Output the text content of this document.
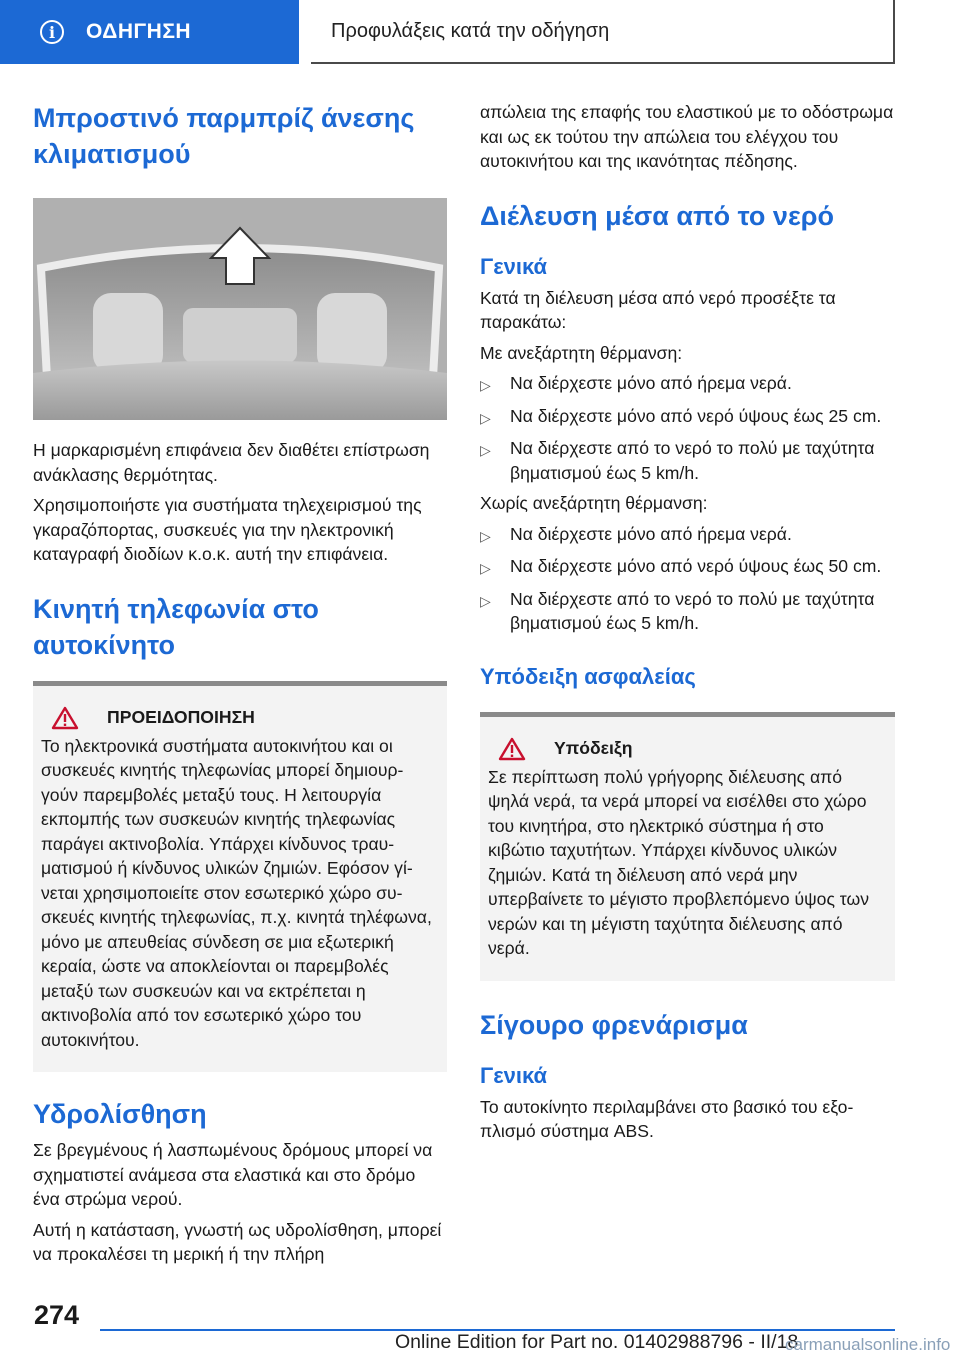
i	ΟΔΗΓΗΣΗ	Προφυλάξεις κατά την οδήγηση
Μπροστινό παρμπρίζ άνεσης κλιματισμού

Η μαρκαρισμένη επιφάνεια δεν διαθέτει επίστρωση ανάκλασης θερμότητας.

Χρησιμοποιήστε για συστήματα τηλεχειρισμού της γκαραζόπορτας, συσκευές για την ηλεκτρονική καταγραφή διοδίων κ.ο.κ. αυτή την επιφάνεια.

Κινητή τηλεφωνία στο αυτοκίνητο
ΠΡΟΕΙΔΟΠΟΙΗΣΗ

Το ηλεκτρονικά συστήματα αυτοκινήτου και οι συσκευές κινητής τηλεφωνίας μπορεί δημιουργούν παρεμβολές μεταξύ τους. Η λειτουργία εκπομπής των συσκευών κινητής τηλεφωνίας παράγει ακτινοβολία. Υπάρχει κίνδυνος τραυματισμού ή κίνδυνος υλικών ζημιών. Εφόσον γίνεται χρησιμοποιείτε στον εσωτερικό χώρο συσκευές κινητής τηλεφωνίας, π.χ. κινητά τηλέφωνα, μόνο με απευθείας σύνδεση σε μια εξωτερική κεραία, ώστε να αποκλείονται οι παρεμβολές μεταξύ των συσκευών και να εκτρέπεται η ακτινοβολία από τον εσωτερικό χώρο του αυτοκινήτου.

Υδρολίσθηση

Σε βρεγμένους ή λασπωμένους δρόμους μπορεί να σχηματιστεί ανάμεσα στα ελαστικά και στο δρόμο ένα στρώμα νερού.

Αυτή η κατάσταση, γνωστή ως υδρολίσθηση, μπορεί να προκαλέσει τη μερική ή την πλήρη

απώλεια της επαφής του ελαστικού με το οδόστρωμα και ως εκ τούτου την απώλεια του ελέγχου του αυτοκινήτου και της ικανότητας πέδησης.

Διέλευση μέσα από το νερό
Γενικά

Κατά τη διέλευση μέσα από νερό προσέξτε τα παρακάτω:

Με ανεξάρτητη θέρμανση:

▷	Να διέρχεστε μόνο από ήρεμα νερά.
▷	Να διέρχεστε μόνο από νερό ύψους έως 25 cm.
▷	Να διέρχεστε από το νερό το πολύ με ταχύτητα βηματισμού έως 5 km/h.

Χωρίς ανεξάρτητη θέρμανση:

▷	Να διέρχεστε μόνο από ήρεμα νερά.
▷	Να διέρχεστε μόνο από νερό ύψους έως 50 cm.
▷	Να διέρχεστε από το νερό το πολύ με ταχύτητα βηματισμού έως 5 km/h.
Υπόδειξη ασφαλείας
Υπόδειξη

Σε περίπτωση πολύ γρήγορης διέλευσης από ψηλά νερά, τα νερά μπορεί να εισέλθει στο χώρο του κινητήρα, στο ηλεκτρικό σύστημα ή στο κιβώτιο ταχυτήτων. Υπάρχει κίνδυνος υλικών ζημιών. Κατά τη διέλευση από νερά μην υπερβαίνετε το μέγιστο προβλεπόμενο ύψος των νερών και τη μέγιστη ταχύτητα διέλευσης από νερά.

Σίγουρο φρενάρισμα
Γενικά

Το αυτοκίνητο περιλαμβάνει στο βασικό του εξοπλισμό σύστημα ABS.

274
Online Edition for Part no. 01402988796 - II/18
carmanualsonline.info
